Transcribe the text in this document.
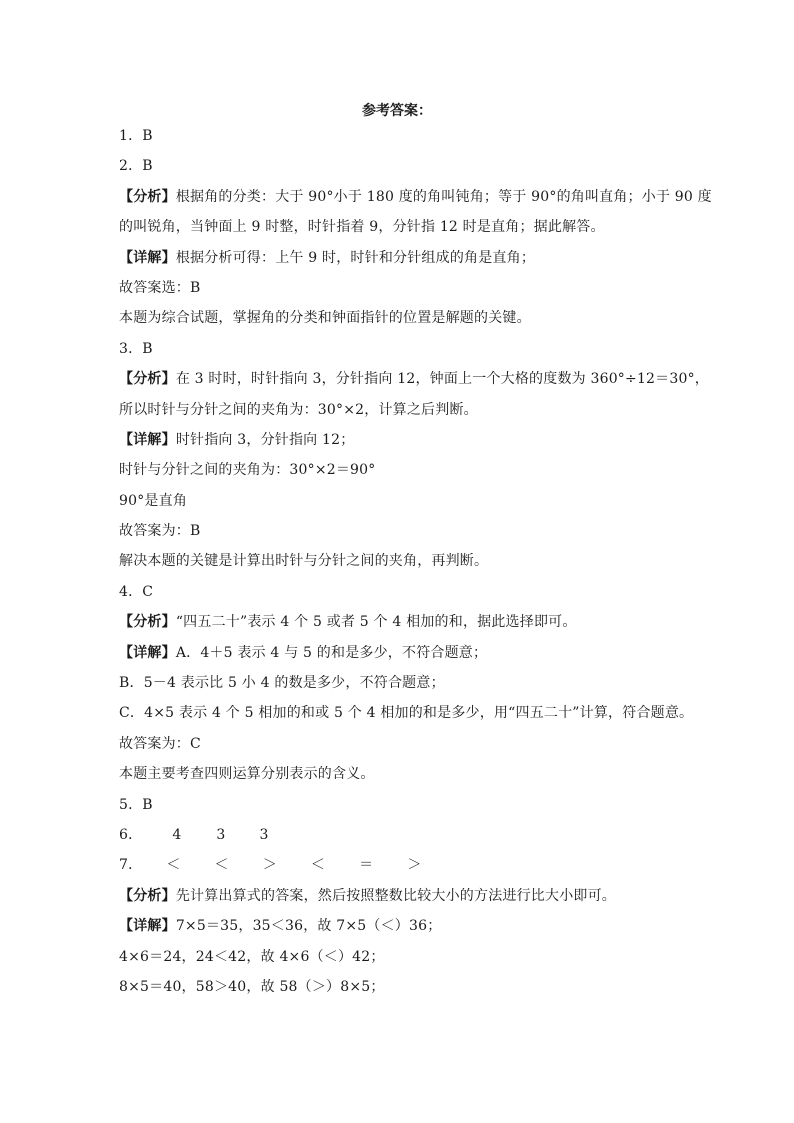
参考答案：
1．B
2．B
【分析】根据角的分类：大于 90°小于 180 度的角叫钝角；等于 90°的角叫直角；小于 90 度
的叫锐角，当钟面上 9 时整，时针指着 9，分针指 12 时是直角；据此解答。
【详解】根据分析可得：上午 9 时，时针和分针组成的角是直角；
故答案选：B
本题为综合试题，掌握角的分类和钟面指针的位置是解题的关键。
3．B
【分析】在 3 时时，时针指向 3，分针指向 12，钟面上一个大格的度数为 360°÷12＝30°，
所以时针与分针之间的夹角为：30°×2，计算之后判断。
【详解】时针指向 3，分针指向 12；
时针与分针之间的夹角为：30°×2＝90°
90°是直角
故答案为：B
解决本题的关键是计算出时针与分针之间的夹角，再判断。
4．C
【分析】“四五二十”表示 4 个 5 或者 5 个 4 相加的和，据此选择即可。
【详解】A．4＋5 表示 4 与 5 的和是多少，不符合题意；
B．5－4 表示比 5 小 4 的数是多少，不符合题意；
C．4×5 表示 4 个 5 相加的和或 5 个 4 相加的和是多少，用“四五二十”计算，符合题意。
故答案为：C
本题主要考查四则运算分别表示的含义。
5．B
6． 4	3 3
7． ＜ ＜ ＞ ＜ ＝ ＞
【分析】先计算出算式的答案，然后按照整数比较大小的方法进行比大小即可。
【详解】7×5＝35，35＜36，故 7×5（＜）36；
4×6＝24，24＜42，故 4×6（＜）42；
8×5＝40，58＞40，故 58（＞）8×5；
